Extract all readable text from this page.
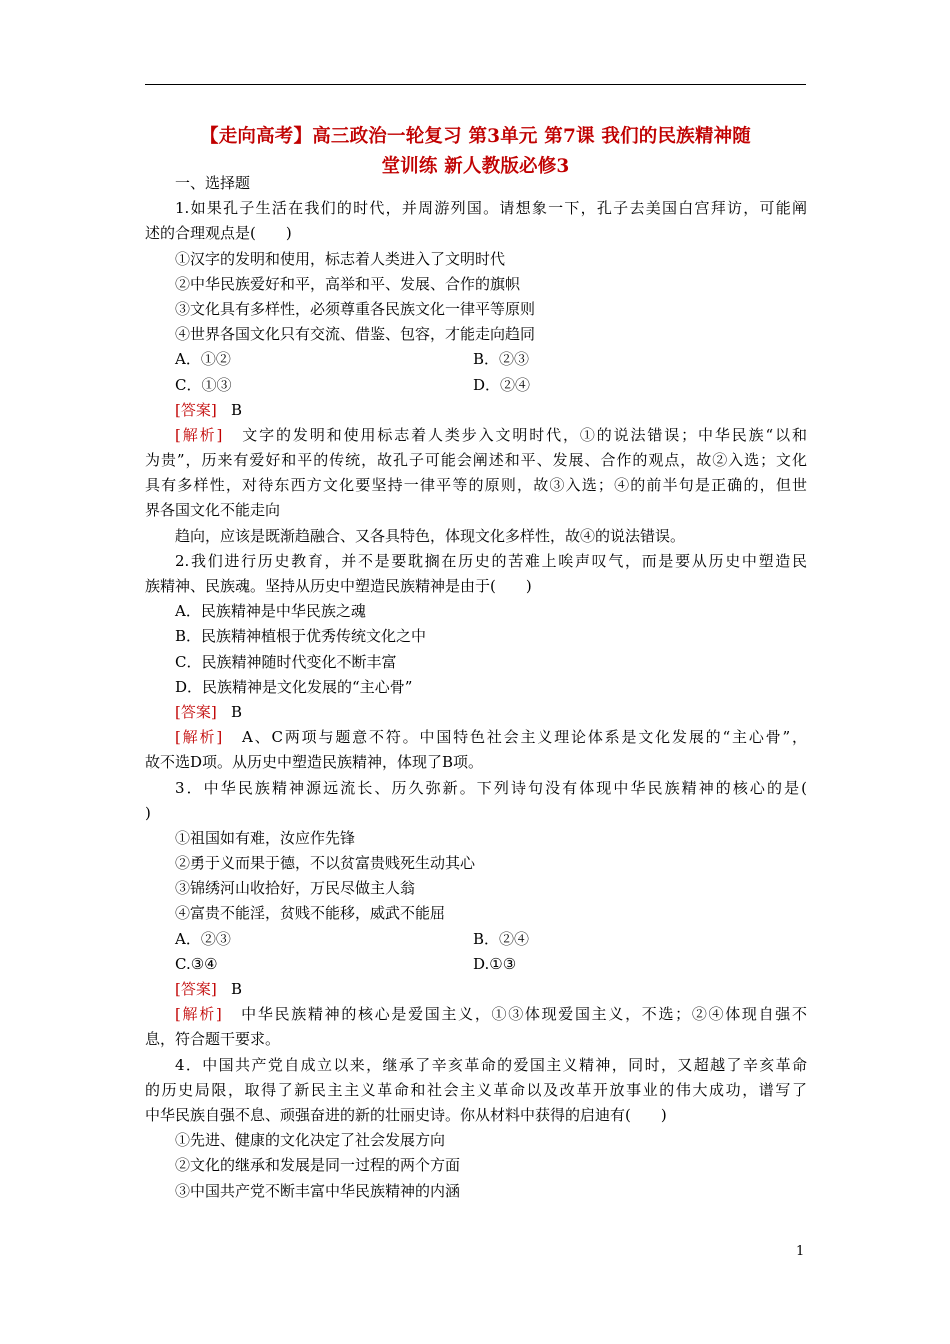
【走向高考】高三政治一轮复习 第3单元 第7课 我们的民族精神随
堂训练 新人教版必修3
一、选择题
1.如果孔子生活在我们的时代，并周游列国。请想象一下，孔子去美国白宫拜访，可能阐
述的合理观点是(　　)
①汉字的发明和使用，标志着人类进入了文明时代
②中华民族爱好和平，高举和平、发展、合作的旗帜
③文化具有多样性，必须尊重各民族文化一律平等原则
④世界各国文化只有交流、借鉴、包容，才能走向趋同
A．①②	B．②③
C．①③	D．②④
[答案] B
[解析] 文字的发明和使用标志着人类步入文明时代，①的说法错误；中华民族“以和
为贵”，历来有爱好和平的传统，故孔子可能会阐述和平、发展、合作的观点，故②入选；文化
具有多样性，对待东西方文化要坚持一律平等的原则，故③入选；④的前半句是正确的，但世
界各国文化不能走向
趋向，应该是既渐趋融合、又各具特色，体现文化多样性，故④的说法错误。
2.我们进行历史教育，并不是要耽搁在历史的苦难上唉声叹气，而是要从历史中塑造民
族精神、民族魂。坚持从历史中塑造民族精神是由于(　　)
A．民族精神是中华民族之魂
B．民族精神植根于优秀传统文化之中
C．民族精神随时代变化不断丰富
D．民族精神是文化发展的“主心骨”
[答案] B
[解析] A、C两项与题意不符。中国特色社会主义理论体系是文化发展的“主心骨”，
故不选D项。从历史中塑造民族精神，体现了B项。
3．中华民族精神源远流长、历久弥新。下列诗句没有体现中华民族精神的核心的是(
)
①祖国如有难，汝应作先锋
②勇于义而果于德，不以贫富贵贱死生动其心
③锦绣河山收拾好，万民尽做主人翁
④富贵不能淫，贫贱不能移，威武不能屈
A．②③	B．②④
C.③④	D.①③
[答案] B
[解析] 中华民族精神的核心是爱国主义，①③体现爱国主义，不选；②④体现自强不
息，符合题干要求。
4．中国共产党自成立以来，继承了辛亥革命的爱国主义精神，同时，又超越了辛亥革命
的历史局限，取得了新民主主义革命和社会主义革命以及改革开放事业的伟大成功，谱写了
中华民族自强不息、顽强奋进的新的壮丽史诗。你从材料中获得的启迪有(　　)
①先进、健康的文化决定了社会发展方向
②文化的继承和发展是同一过程的两个方面
③中国共产党不断丰富中华民族精神的内涵
1
